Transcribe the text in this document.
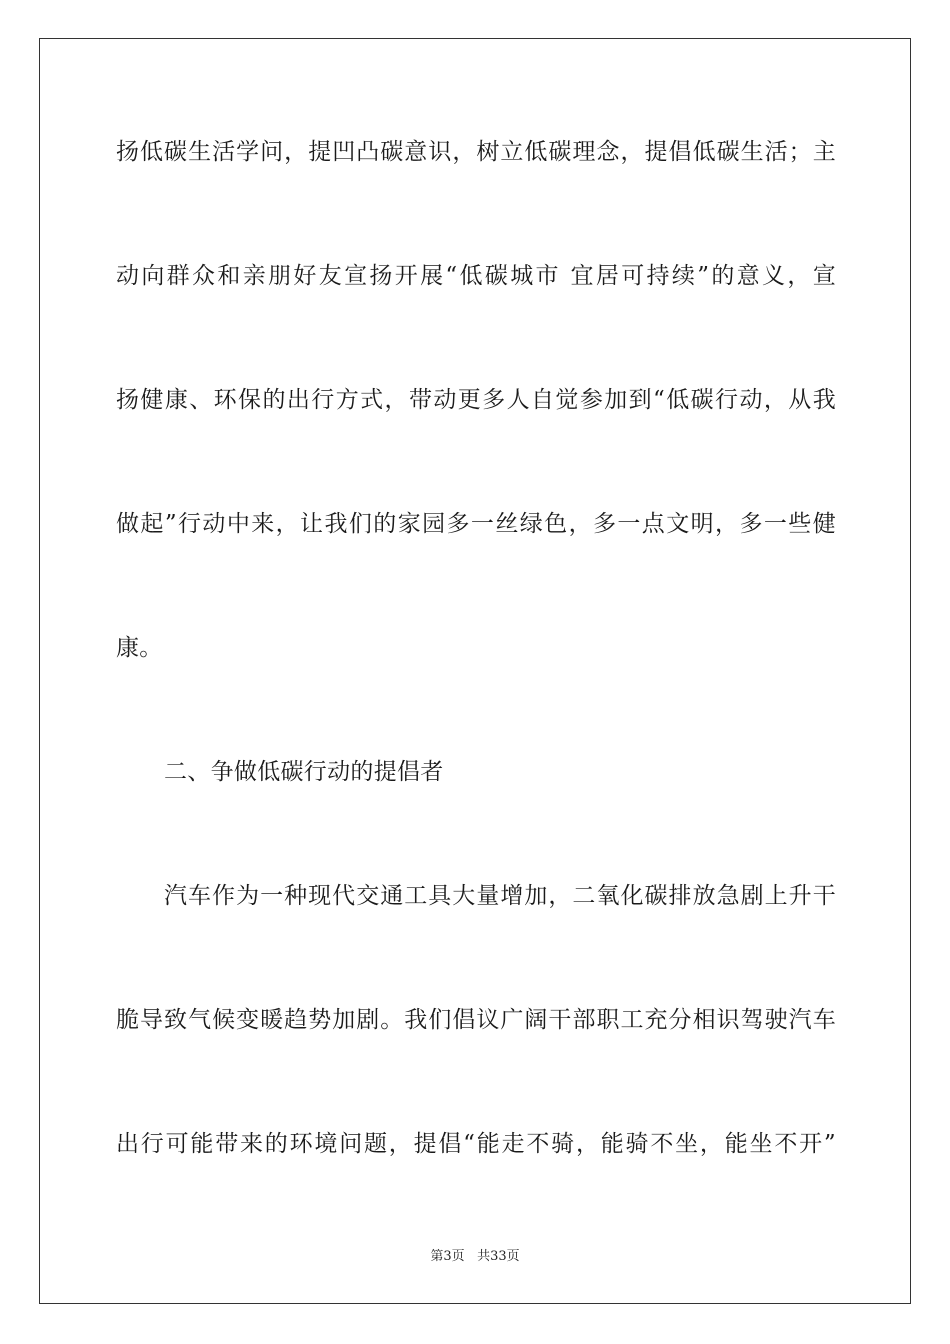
扬低碳生活学问，提凹凸碳意识，树立低碳理念，提倡低碳生活；主
动向群众和亲朋好友宣扬开展“低碳城市 宜居可持续”的意义，宣
扬健康、环保的出行方式，带动更多人自觉参加到“低碳行动，从我
做起”行动中来，让我们的家园多一丝绿色，多一点文明，多一些健
康。
二、争做低碳行动的提倡者
汽车作为一种现代交通工具大量增加，二氧化碳排放急剧上升干
脆导致气候变暖趋势加剧。我们倡议广阔干部职工充分相识驾驶汽车
出行可能带来的环境问题，提倡“能走不骑，能骑不坐，能坐不开”
第3页 共33页
